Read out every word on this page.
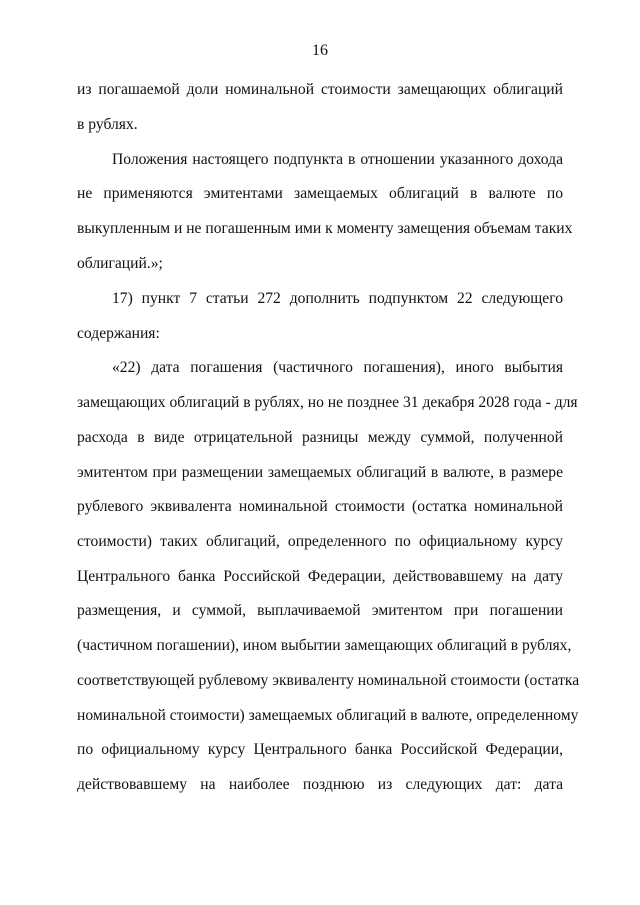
16
из погашаемой доли номинальной стоимости замещающих облигаций
в рублях.
Положения настоящего подпункта в отношении указанного дохода
не применяются эмитентами замещаемых облигаций в валюте по
выкупленным и не погашенным ими к моменту замещения объемам таких
облигаций.»;
17) пункт 7 статьи 272 дополнить подпунктом 22 следующего
содержания:
«22) дата погашения (частичного погашения), иного выбытия
замещающих облигаций в рублях, но не позднее 31 декабря 2028 года - для
расхода в виде отрицательной разницы между суммой, полученной
эмитентом при размещении замещаемых облигаций в валюте, в размере
рублевого эквивалента номинальной стоимости (остатка номинальной
стоимости) таких облигаций, определенного по официальному курсу
Центрального банка Российской Федерации, действовавшему на дату
размещения, и суммой, выплачиваемой эмитентом при погашении
(частичном погашении), ином выбытии замещающих облигаций в рублях,
соответствующей рублевому эквиваленту номинальной стоимости (остатка
номинальной стоимости) замещаемых облигаций в валюте, определенному
по официальному курсу Центрального банка Российской Федерации,
действовавшему на наиболее позднюю из следующих дат: дата
